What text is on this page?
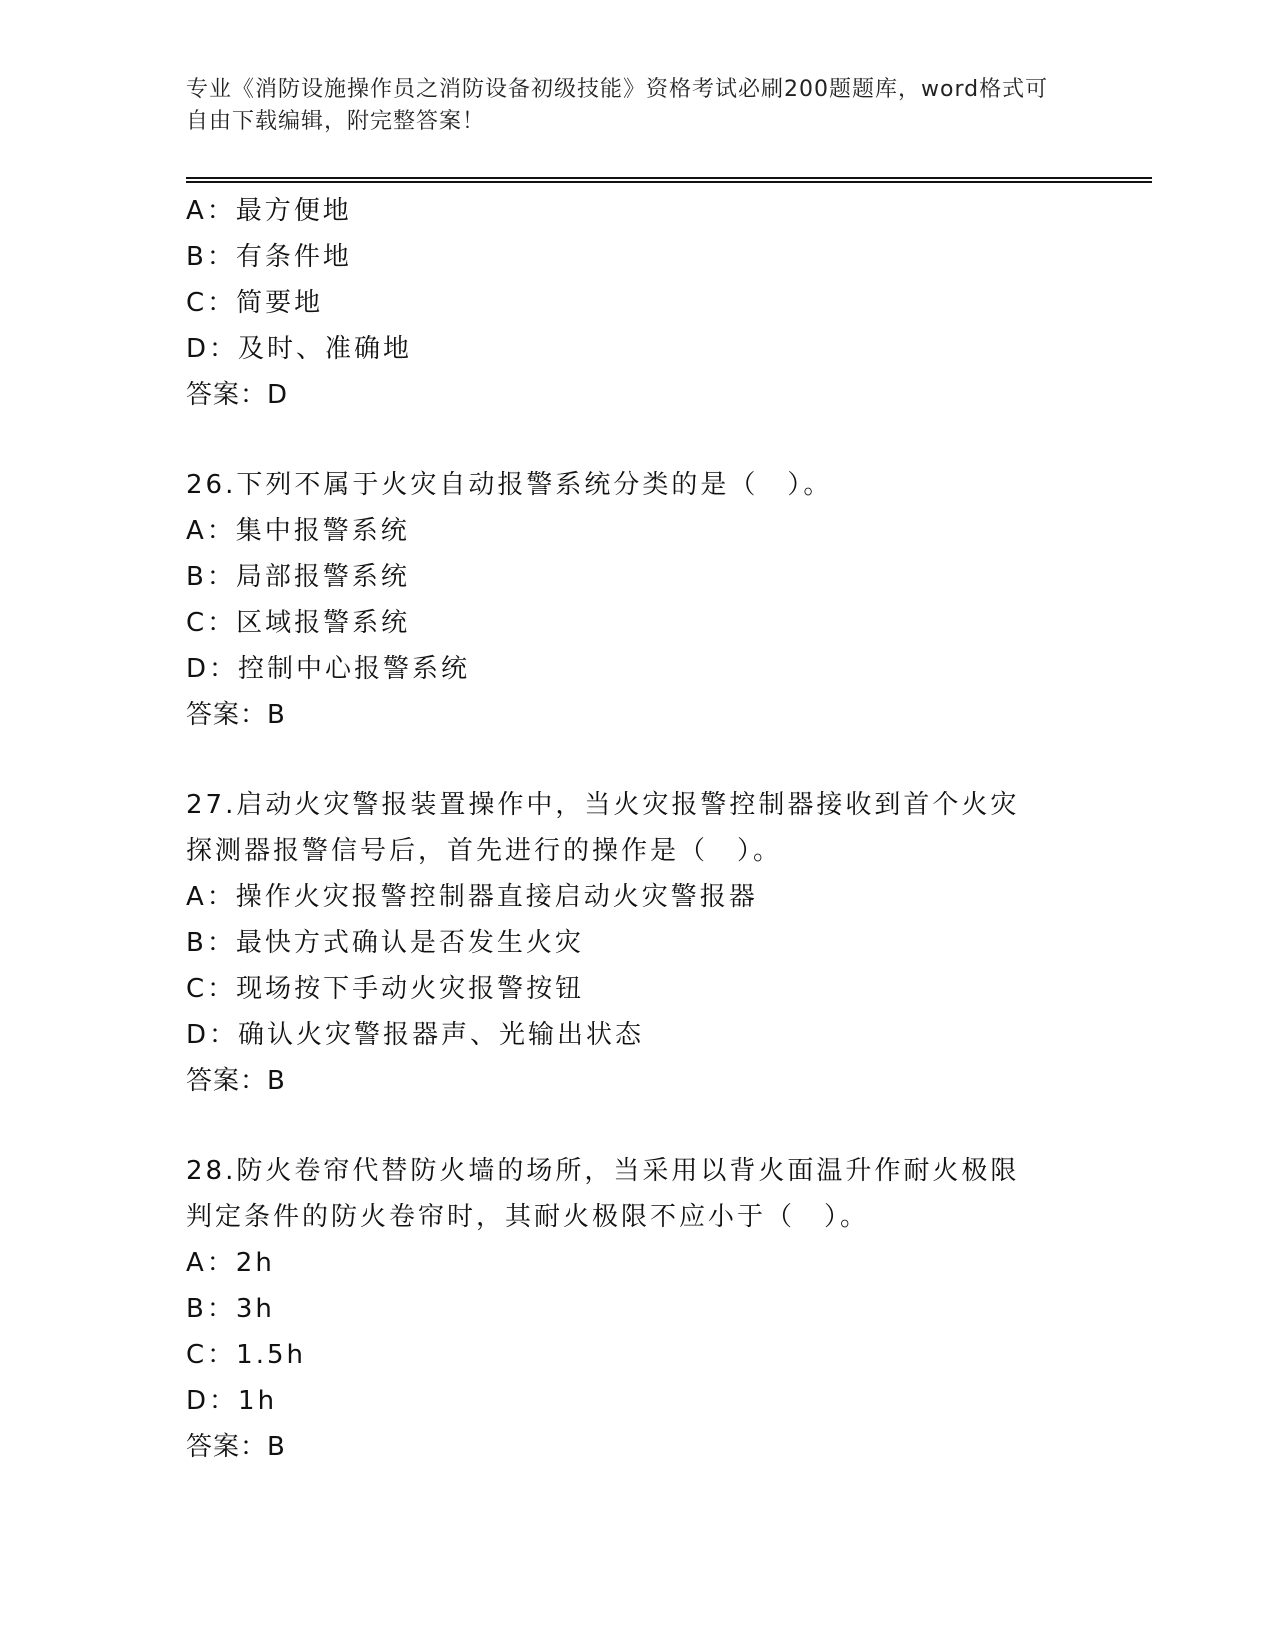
专业《消防设施操作员之消防设备初级技能》资格考试必刷200题题库，word格式可自由下载编辑，附完整答案！
A：最方便地
B：有条件地
C：简要地
D：及时、准确地
答案：D
26.下列不属于火灾自动报警系统分类的是（　）。
A：集中报警系统
B：局部报警系统
C：区域报警系统
D：控制中心报警系统
答案：B
27.启动火灾警报装置操作中，当火灾报警控制器接收到首个火灾探测器报警信号后，首先进行的操作是（　）。
A：操作火灾报警控制器直接启动火灾警报器
B：最快方式确认是否发生火灾
C：现场按下手动火灾报警按钮
D：确认火灾警报器声、光输出状态
答案：B
28.防火卷帘代替防火墙的场所，当采用以背火面温升作耐火极限判定条件的防火卷帘时，其耐火极限不应小于（　）。
A：2h
B：3h
C：1.5h
D：1h
答案：B
